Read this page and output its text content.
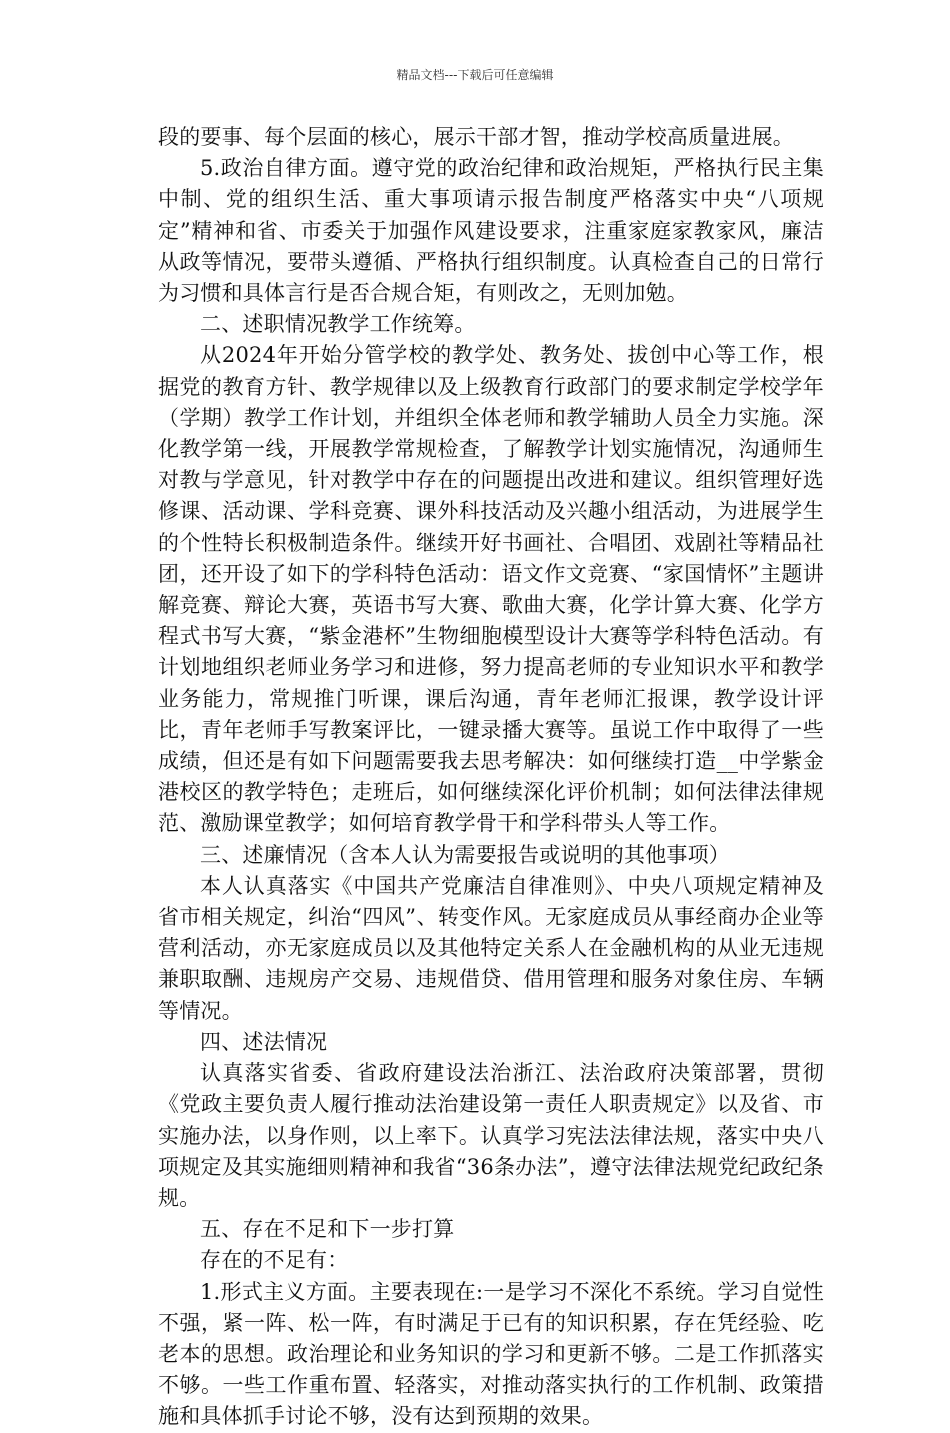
精品文档---下载后可任意编辑

段的要事、每个层面的核心，展示干部才智，推动学校高质量进展。

5.政治自律方面。遵守党的政治纪律和政治规矩，严格执行民主集中制、党的组织生活、重大事项请示报告制度严格落实中央“八项规定”精神和省、市委关于加强作风建设要求，注重家庭家教家风，廉洁从政等情况，要带头遵循、严格执行组织制度。认真检查自己的日常行为习惯和具体言行是否合规合矩，有则改之，无则加勉。

二、述职情况教学工作统筹。

从2024年开始分管学校的教学处、教务处、拔创中心等工作，根据党的教育方针、教学规律以及上级教育行政部门的要求制定学校学年（学期）教学工作计划，并组织全体老师和教学辅助人员全力实施。深化教学第一线，开展教学常规检查，了解教学计划实施情况，沟通师生对教与学意见，针对教学中存在的问题提出改进和建议。组织管理好选修课、活动课、学科竞赛、课外科技活动及兴趣小组活动，为进展学生的个性特长积极制造条件。继续开好书画社、合唱团、戏剧社等精品社团，还开设了如下的学科特色活动：语文作文竞赛、“家国情怀”主题讲解竞赛、辩论大赛，英语书写大赛、歌曲大赛，化学计算大赛、化学方程式书写大赛，“紫金港杯”生物细胞模型设计大赛等学科特色活动。有计划地组织老师业务学习和进修，努力提高老师的专业知识水平和教学业务能力，常规推门听课，课后沟通，青年老师汇报课，教学设计评比，青年老师手写教案评比，一键录播大赛等。虽说工作中取得了一些成绩，但还是有如下问题需要我去思考解决：如何继续打造__中学紫金港校区的教学特色；走班后，如何继续深化评价机制；如何法律法律规范、激励课堂教学；如何培育教学骨干和学科带头人等工作。

三、述廉情况（含本人认为需要报告或说明的其他事项）

本人认真落实《中国共产党廉洁自律准则》、中央八项规定精神及省市相关规定，纠治“四风”、转变作风。无家庭成员从事经商办企业等营利活动，亦无家庭成员以及其他特定关系人在金融机构的从业无违规兼职取酬、违规房产交易、违规借贷、借用管理和服务对象住房、车辆等情况。

四、述法情况

认真落实省委、省政府建设法治浙江、法治政府决策部署，贯彻《党政主要负责人履行推动法治建设第一责任人职责规定》以及省、市实施办法，以身作则，以上率下。认真学习宪法法律法规，落实中央八项规定及其实施细则精神和我省“36条办法”，遵守法律法规党纪政纪条规。

五、存在不足和下一步打算

存在的不足有：

1.形式主义方面。主要表现在:一是学习不深化不系统。学习自觉性不强，紧一阵、松一阵，有时满足于已有的知识积累，存在凭经验、吃老本的思想。政治理论和业务知识的学习和更新不够。二是工作抓落实不够。一些工作重布置、轻落实，对推动落实执行的工作机制、政策措施和具体抓手讨论不够，没有达到预期的效果。
